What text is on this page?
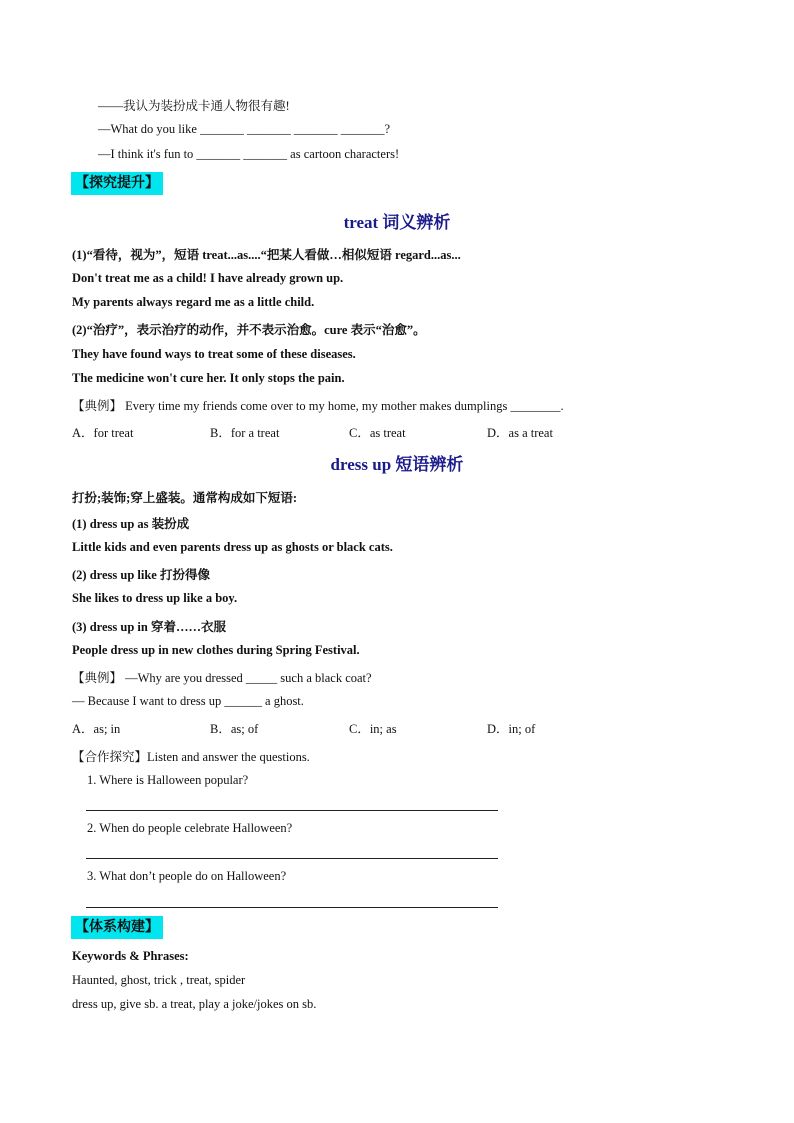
——我认为装扮成卡通人物很有趣!
—What do you like _______ _______ _______ _______?
—I think it's fun to _______ _______ as cartoon characters!
【探究提升】
treat 词义辨析
(1)“看待，视为”，短语 treat...as....“把某人看做…相似短语 regard...as...
Don't treat me as a child! I have already grown up.
My parents always regard me as a little child.
(2)“治疗”，表示治疗的动作，并不表示治愈。cure 表示“治愈”。
They have found ways to treat some of these diseases.
The medicine won't cure her. It only stops the pain.
【典例】 Every time my friends come over to my home, my mother makes dumplings ________.
A．for treat	B．for a treat	C．as treat	D．as a treat
dress up 短语辨析
打扮;装饰;穿上盛装。通常构成如下短语:
(1) dress up as 装扮成
Little kids and even parents dress up as ghosts or black cats.
(2) dress up like 打扮得像
She likes to dress up like a boy.
(3) dress up in 穿着……衣服
People dress up in new clothes during Spring Festival.
【典例】 —Why are you dressed _____ such a black coat?
— Because I want to dress up ______ a ghost.
A．as; in	B．as; of	C．in; as	D．in; of
【合作探究】Listen and answer the questions.
1. Where is Halloween popular?
2. When do people celebrate Halloween?
3. What don’t people do on Halloween?
【体系构建】
Keywords & Phrases:
Haunted, ghost, trick , treat, spider
dress up, give sb. a treat, play a joke/jokes on sb.
